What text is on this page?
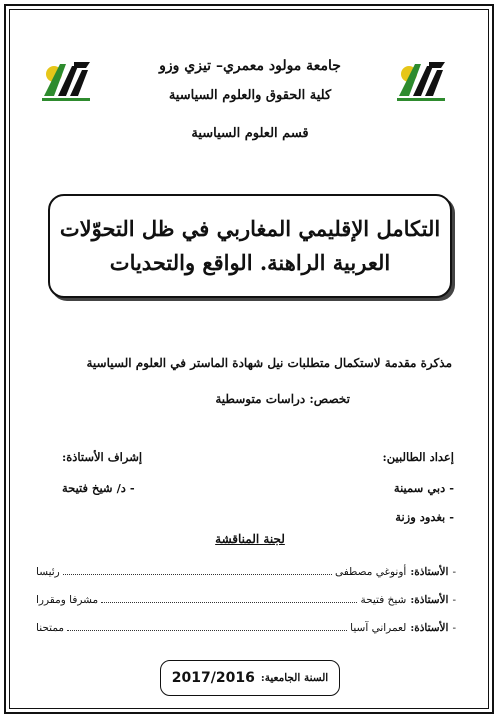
جامعة مولود معمري– تيزي وزو
كلية الحقوق والعلوم السياسية
قسم العلوم السياسية
التكامل الإقليمي المغاربي في ظل التحوّلات
العربية الراهنة. الواقع والتحديات
مذكرة مقدمة لاستكمال متطلبات نيل شهادة الماستر في العلوم السياسية
تخصص: دراسات متوسطية
إعداد الطالبين:
- دبي سمينة
- بغدود وزنة
إشراف الأستاذة:
- د/ شيخ فتيحة
لجنة المناقشة
-
الأستاذة:
أونوغي مصطفى
رئيسا
-
الأستاذة:
شيخ فتيحة
مشرفا ومقررا
-
الأستاذة:
لعمراني آسيا
ممتحنا
السنة الجامعية:
2017/2016
